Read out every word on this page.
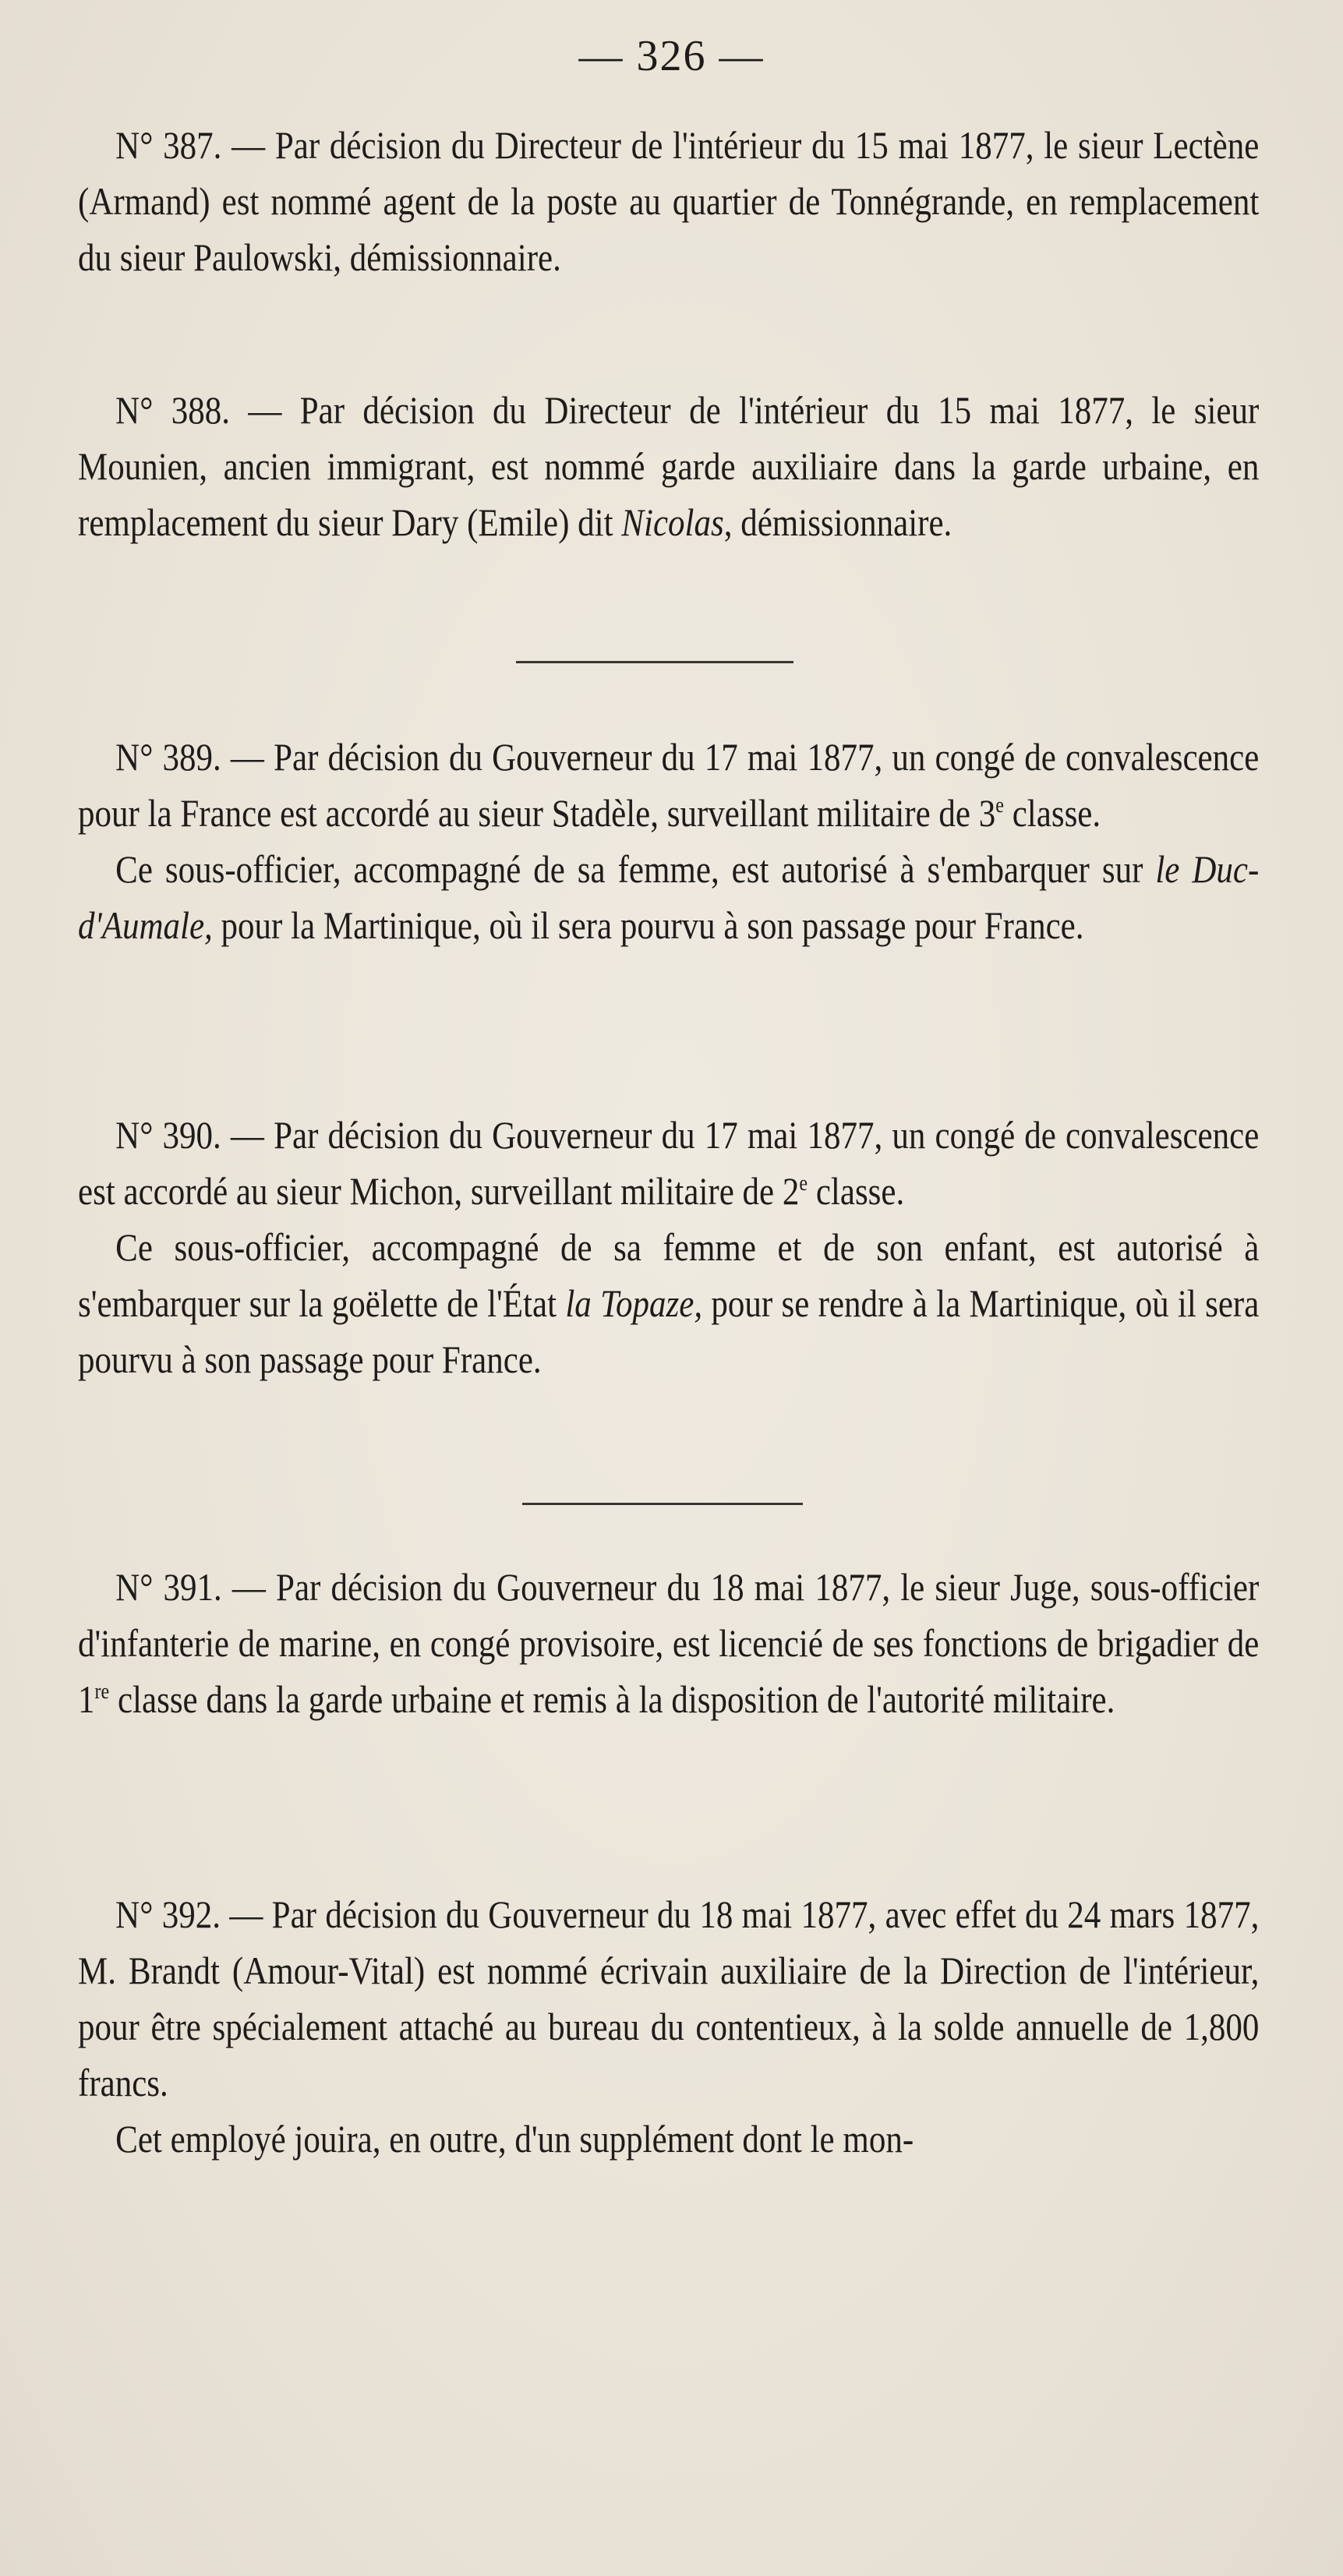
— 326 —

N° 387. — Par décision du Directeur de l'intérieur du 15 mai 1877, le sieur Lectène (Armand) est nommé agent de la poste au quartier de Tonnégrande, en remplacement du sieur Paulowski, démissionnaire.

N° 388. — Par décision du Directeur de l'intérieur du 15 mai 1877, le sieur Mounien, ancien immigrant, est nommé garde auxiliaire dans la garde urbaine, en remplacement du sieur Dary (Emile) dit Nicolas, démissionnaire.

N° 389. — Par décision du Gouverneur du 17 mai 1877, un congé de convalescence pour la France est accordé au sieur Stadèle, surveillant militaire de 3e classe.

Ce sous-officier, accompagné de sa femme, est autorisé à s'embarquer sur le Duc-d'Aumale, pour la Martinique, où il sera pourvu à son passage pour France.

N° 390. — Par décision du Gouverneur du 17 mai 1877, un congé de convalescence est accordé au sieur Michon, surveillant militaire de 2e classe.

Ce sous-officier, accompagné de sa femme et de son enfant, est autorisé à s'embarquer sur la goëlette de l'État la Topaze, pour se rendre à la Martinique, où il sera pourvu à son passage pour France.

N° 391. — Par décision du Gouverneur du 18 mai 1877, le sieur Juge, sous-officier d'infanterie de marine, en congé provisoire, est licencié de ses fonctions de brigadier de 1re classe dans la garde urbaine et remis à la disposition de l'autorité militaire.

N° 392. — Par décision du Gouverneur du 18 mai 1877, avec effet du 24 mars 1877, M. Brandt (Amour-Vital) est nommé écrivain auxiliaire de la Direction de l'intérieur, pour être spécialement attaché au bureau du contentieux, à la solde annuelle de 1,800 francs.

Cet employé jouira, en outre, d'un supplément dont le mon-
